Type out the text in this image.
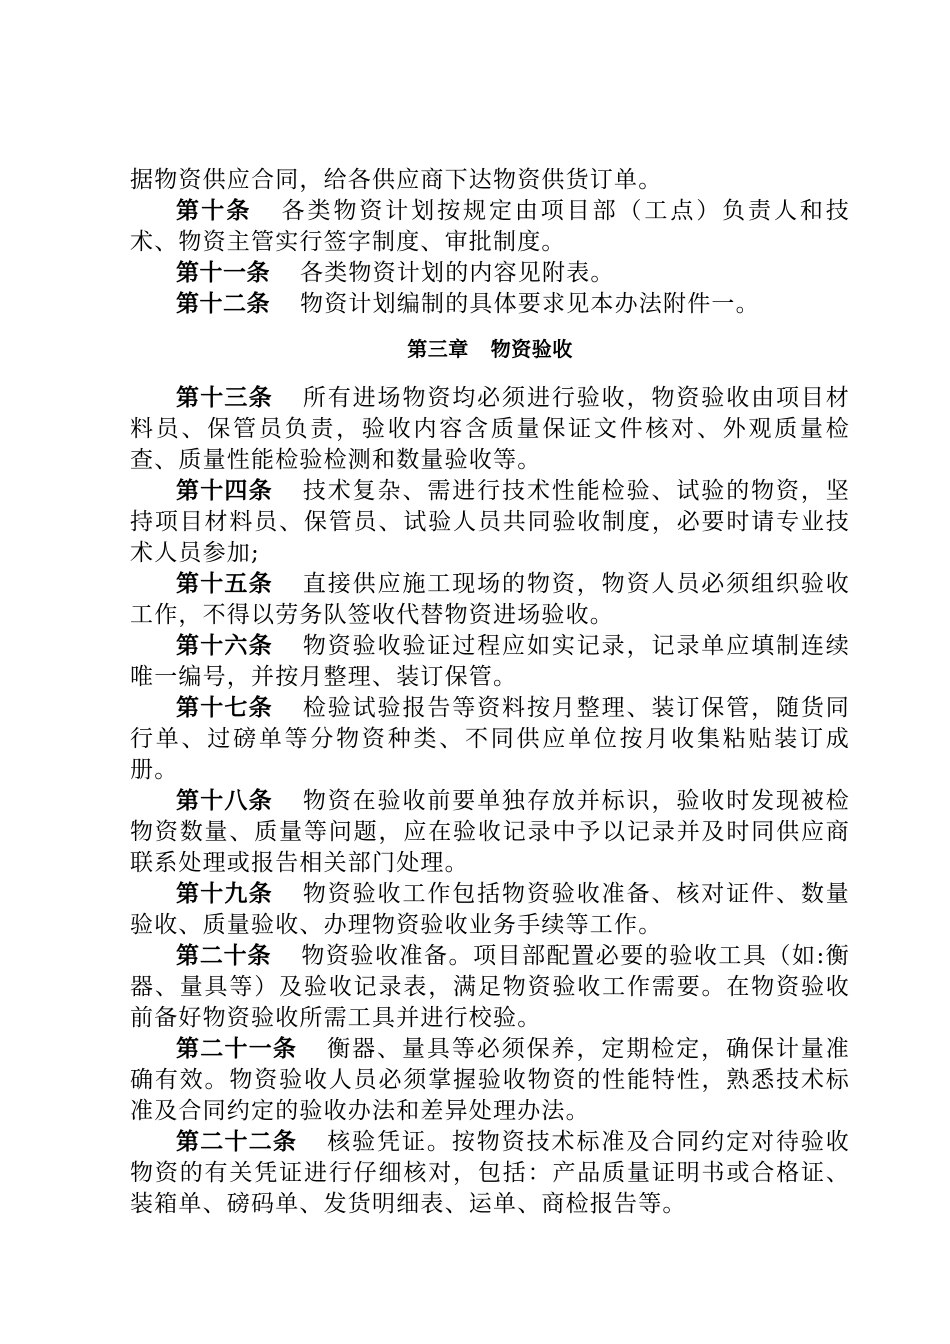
据物资供应合同，给各供应商下达物资供货订单。

第十条 各类物资计划按规定由项目部（工点）负责人和技术、物资主管实行签字制度、审批制度。

第十一条 各类物资计划的内容见附表。

第十二条 物资计划编制的具体要求见本办法附件一。

第三章 物资验收

第十三条 所有进场物资均必须进行验收，物资验收由项目材料员、保管员负责，验收内容含质量保证文件核对、外观质量检查、质量性能检验检测和数量验收等。

第十四条 技术复杂、需进行技术性能检验、试验的物资，坚持项目材料员、保管员、试验人员共同验收制度，必要时请专业技术人员参加;

第十五条 直接供应施工现场的物资，物资人员必须组织验收工作，不得以劳务队签收代替物资进场验收。

第十六条 物资验收验证过程应如实记录，记录单应填制连续唯一编号，并按月整理、装订保管。

第十七条 检验试验报告等资料按月整理、装订保管，随货同行单、过磅单等分物资种类、不同供应单位按月收集粘贴装订成册。

第十八条 物资在验收前要单独存放并标识，验收时发现被检物资数量、质量等问题，应在验收记录中予以记录并及时同供应商联系处理或报告相关部门处理。

第十九条 物资验收工作包括物资验收准备、核对证件、数量验收、质量验收、办理物资验收业务手续等工作。

第二十条 物资验收准备。项目部配置必要的验收工具（如:衡器、量具等）及验收记录表，满足物资验收工作需要。在物资验收前备好物资验收所需工具并进行校验。

第二十一条 衡器、量具等必须保养，定期检定，确保计量准确有效。物资验收人员必须掌握验收物资的性能特性，熟悉技术标准及合同约定的验收办法和差异处理办法。

第二十二条 核验凭证。按物资技术标准及合同约定对待验收物资的有关凭证进行仔细核对，包括：产品质量证明书或合格证、装箱单、磅码单、发货明细表、运单、商检报告等。
